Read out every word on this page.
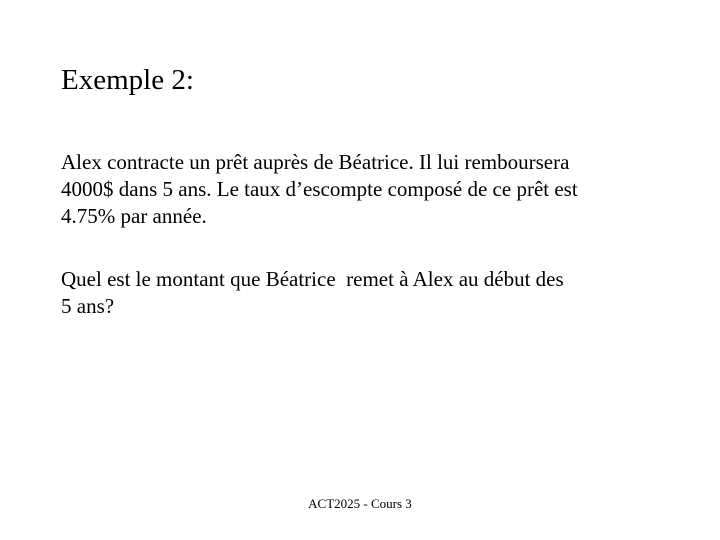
Exemple 2:

Alex contracte un prêt auprès de Béatrice. Il lui remboursera
4000$ dans 5 ans. Le taux d’escompte composé de ce prêt est
4.75% par année.

Quel est le montant que Béatrice  remet à Alex au début des
5 ans?

ACT2025 - Cours 3
